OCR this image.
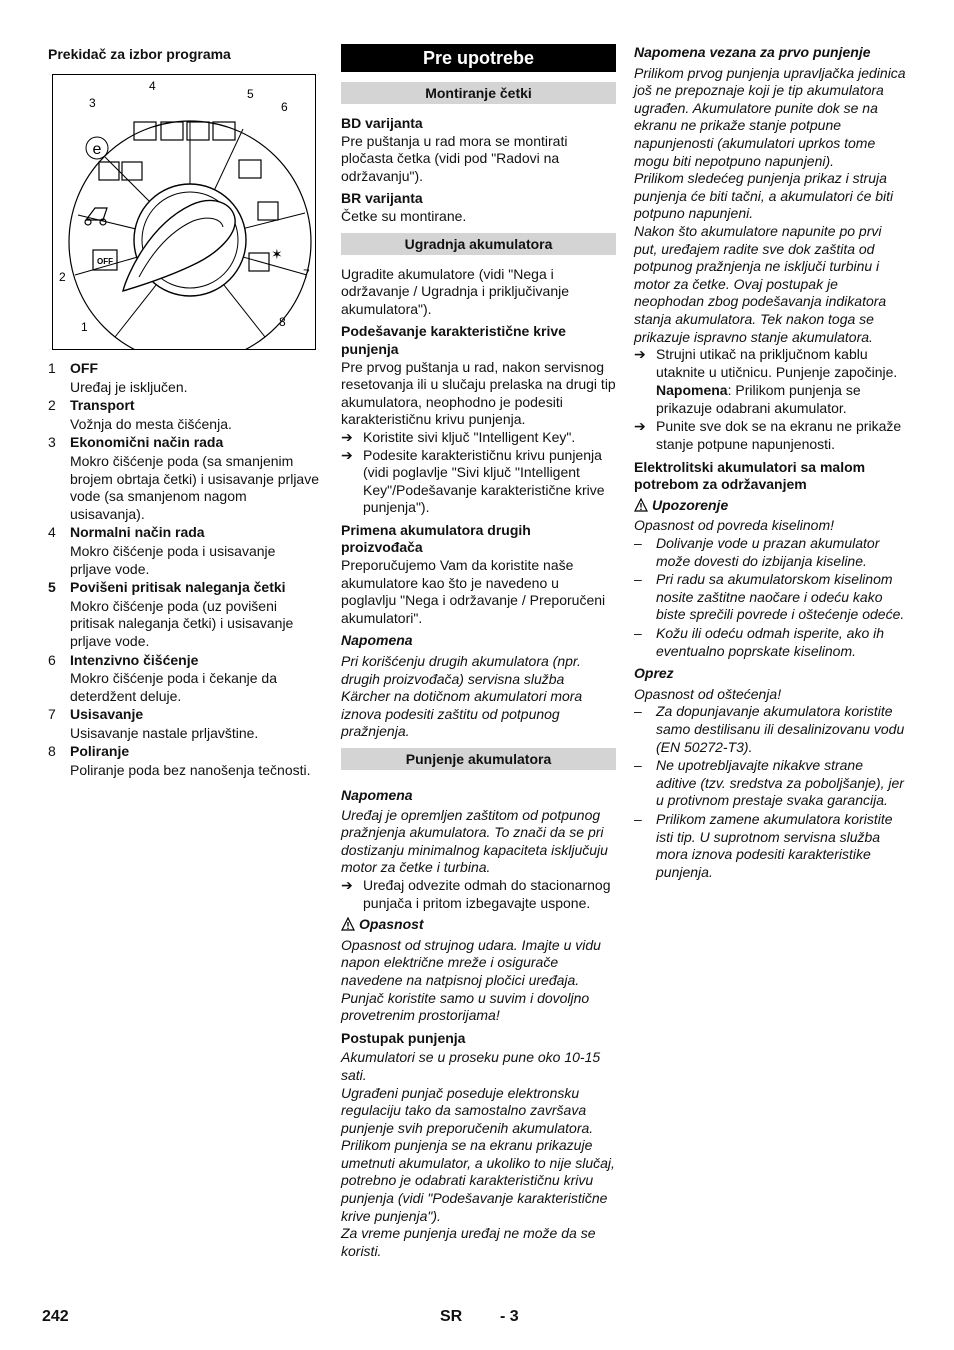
Prekidač za izbor programa

e
OFF	✶
1
2
3
4
5
6
7
8
1 OFF

Uređaj je isključen.

2 Transport

Vožnja do mesta čišćenja.

3 Ekonomični način rada

Mokro čišćenje poda (sa smanjenim brojem obrtaja četki) i usisavanje prljave vode (sa smanjenom nagom usisavanja).

4 Normalni način rada

Mokro čišćenje poda i usisavanje prljave vode.

5 Povišeni pritisak naleganja četki

Mokro čišćenje poda (uz povišeni pritisak naleganja četki) i usisavanje prljave vode.

6 Intenzivno čišćenje

Mokro čišćenje poda i čekanje da deterdžent deluje.

7 Usisavanje

Usisavanje nastale prljavštine.

8 Poliranje

Poliranje poda bez nanošenja tečnosti.

Pre upotrebe
Montiranje četki

BD varijanta

Pre puštanja u rad mora se montirati pločasta četka (vidi pod "Radovi na održavanju").

BR varijanta

Četke su montirane.

Ugradnja akumulatora

Ugradite akumulatore (vidi "Nega i održavanje / Ugradnja i priključivanje akumulatora").

Podešavanje karakteristične krive punjenja

Pre prvog puštanja u rad, nakon servisnog resetovanja ili u slučaju prelaska na drugi tip akumulatora, neophodno je podesiti karakterističnu krivu punjenja.

➔ Koristite sivi ključ "Intelligent Key".

➔ Podesite karakterističnu krivu punjenja (vidi poglavlje "Sivi ključ "Intelligent Key"/Podešavanje karakteristične krive punjenja").

Primena akumulatora drugih proizvođača

Preporučujemo Vam da koristite naše akumulatore kao što je navedeno u poglavlju "Nega i održavanje / Preporučeni akumulatori".

Napomena

Pri korišćenju drugih akumulatora (npr. drugih proizvođača) servisna služba Kärcher na dotičnom akumulatori mora iznova podesiti zaštitu od potpunog pražnjenja.

Punjenje akumulatora

Napomena

Uređaj je opremljen zaštitom od potpunog pražnjenja akumulatora. To znači da se pri dostizanju minimalnog kapaciteta isključuju motor za četke i turbina.

➔ Uređaj odvezite odmah do stacionarnog punjača i pritom izbegavajte uspone.

Opasnost

Opasnost od strujnog udara. Imajte u vidu napon električne mreže i osigurače navedene na natpisnoj pločici uređaja. Punjač koristite samo u suvim i dovoljno provetrenim prostorijama!

Postupak punjenja

Akumulatori se u proseku pune oko 10-15 sati.
Ugrađeni punjač poseduje elektronsku regulaciju tako da samostalno završava punjenje svih preporučenih akumulatora.
Prilikom punjenja se na ekranu prikazuje umetnuti akumulator, a ukoliko to nije slučaj, potrebno je odabrati karakterističnu krivu punjenja (vidi "Podešavanje karakteristične krive punjenja").
Za vreme punjenja uređaj ne može da se koristi.

Napomena vezana za prvo punjenje

Prilikom prvog punjenja upravljačka jedinica još ne prepoznaje koji je tip akumulatora ugrađen. Akumulatore punite dok se na ekranu ne prikaže stanje potpune napunjenosti (akumulatori uprkos tome mogu biti nepotpuno napunjeni).
Prilikom sledećeg punjenja prikaz i struja punjenja će biti tačni, a akumulatori će biti potpuno napunjeni.
Nakon što akumulatore napunite po prvi put, uređajem radite sve dok zaštita od potpunog pražnjenja ne isključi turbinu i motor za četke. Ovaj postupak je neophodan zbog podešavanja indikatora stanja akumulatora. Tek nakon toga se prikazuje ispravno stanje akumulatora.

➔ Strujni utikač na priključnom kablu utaknite u utičnicu. Punjenje započinje.

Napomena: Prilikom punjenja se prikazuje odabrani akumulator.

➔ Punite sve dok se na ekranu ne prikaže stanje potpune napunjenosti.

Elektrolitski akumulatori sa malom potrebom za održavanjem

Upozorenje

Opasnost od povreda kiselinom!

– Dolivanje vode u prazan akumulator može dovesti do izbijanja kiseline.

– Pri radu sa akumulatorskom kiselinom nosite zaštitne naočare i odeću kako biste sprečili povrede i oštećenje odeće.

– Kožu ili odeću odmah isperite, ako ih eventualno poprskate kiselinom.

Oprez

Opasnost od oštećenja!

– Za dopunjavanje akumulatora koristite samo destilisanu ili desalinizovanu vodu (EN 50272-T3).

– Ne upotrebljavajte nikakve strane aditive (tzv. sredstva za poboljšanje), jer u protivnom prestaje svaka garancija.

– Prilikom zamene akumulatora koristite isti tip. U suprotnom servisna služba mora iznova podesiti karakteristike punjenja.

242	SR - 3
